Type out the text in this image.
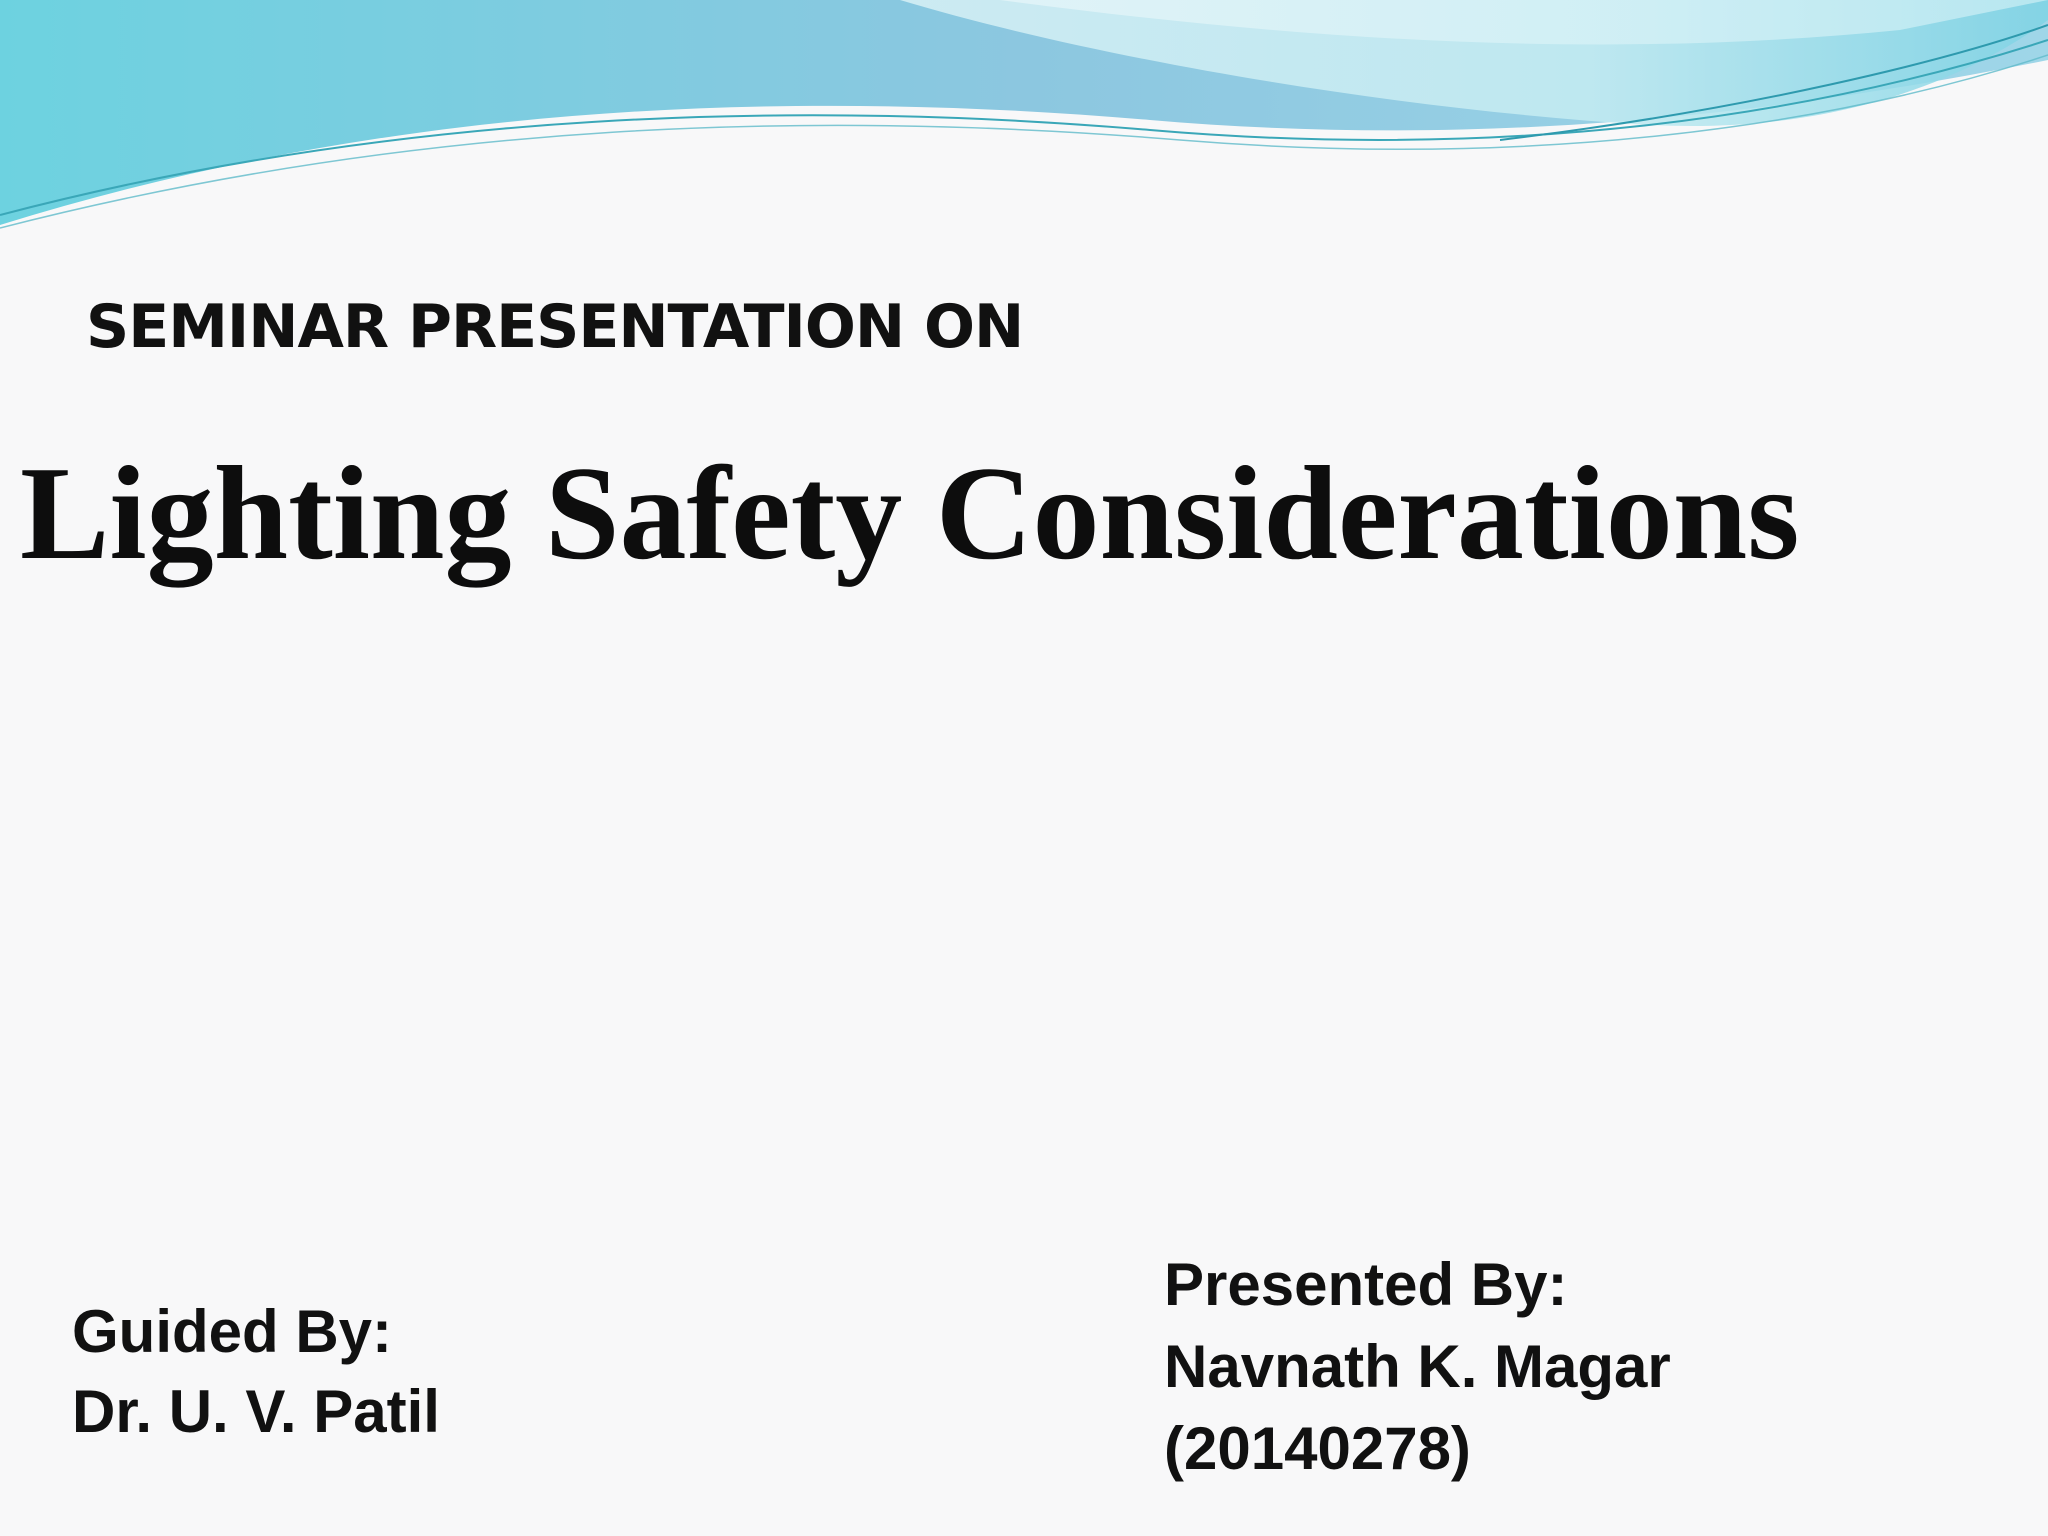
SEMINAR PRESENTATION ON
Lighting Safety Considerations
Guided By:
Dr. U. V. Patil
Presented By:
Navnath K. Magar
(20140278)
